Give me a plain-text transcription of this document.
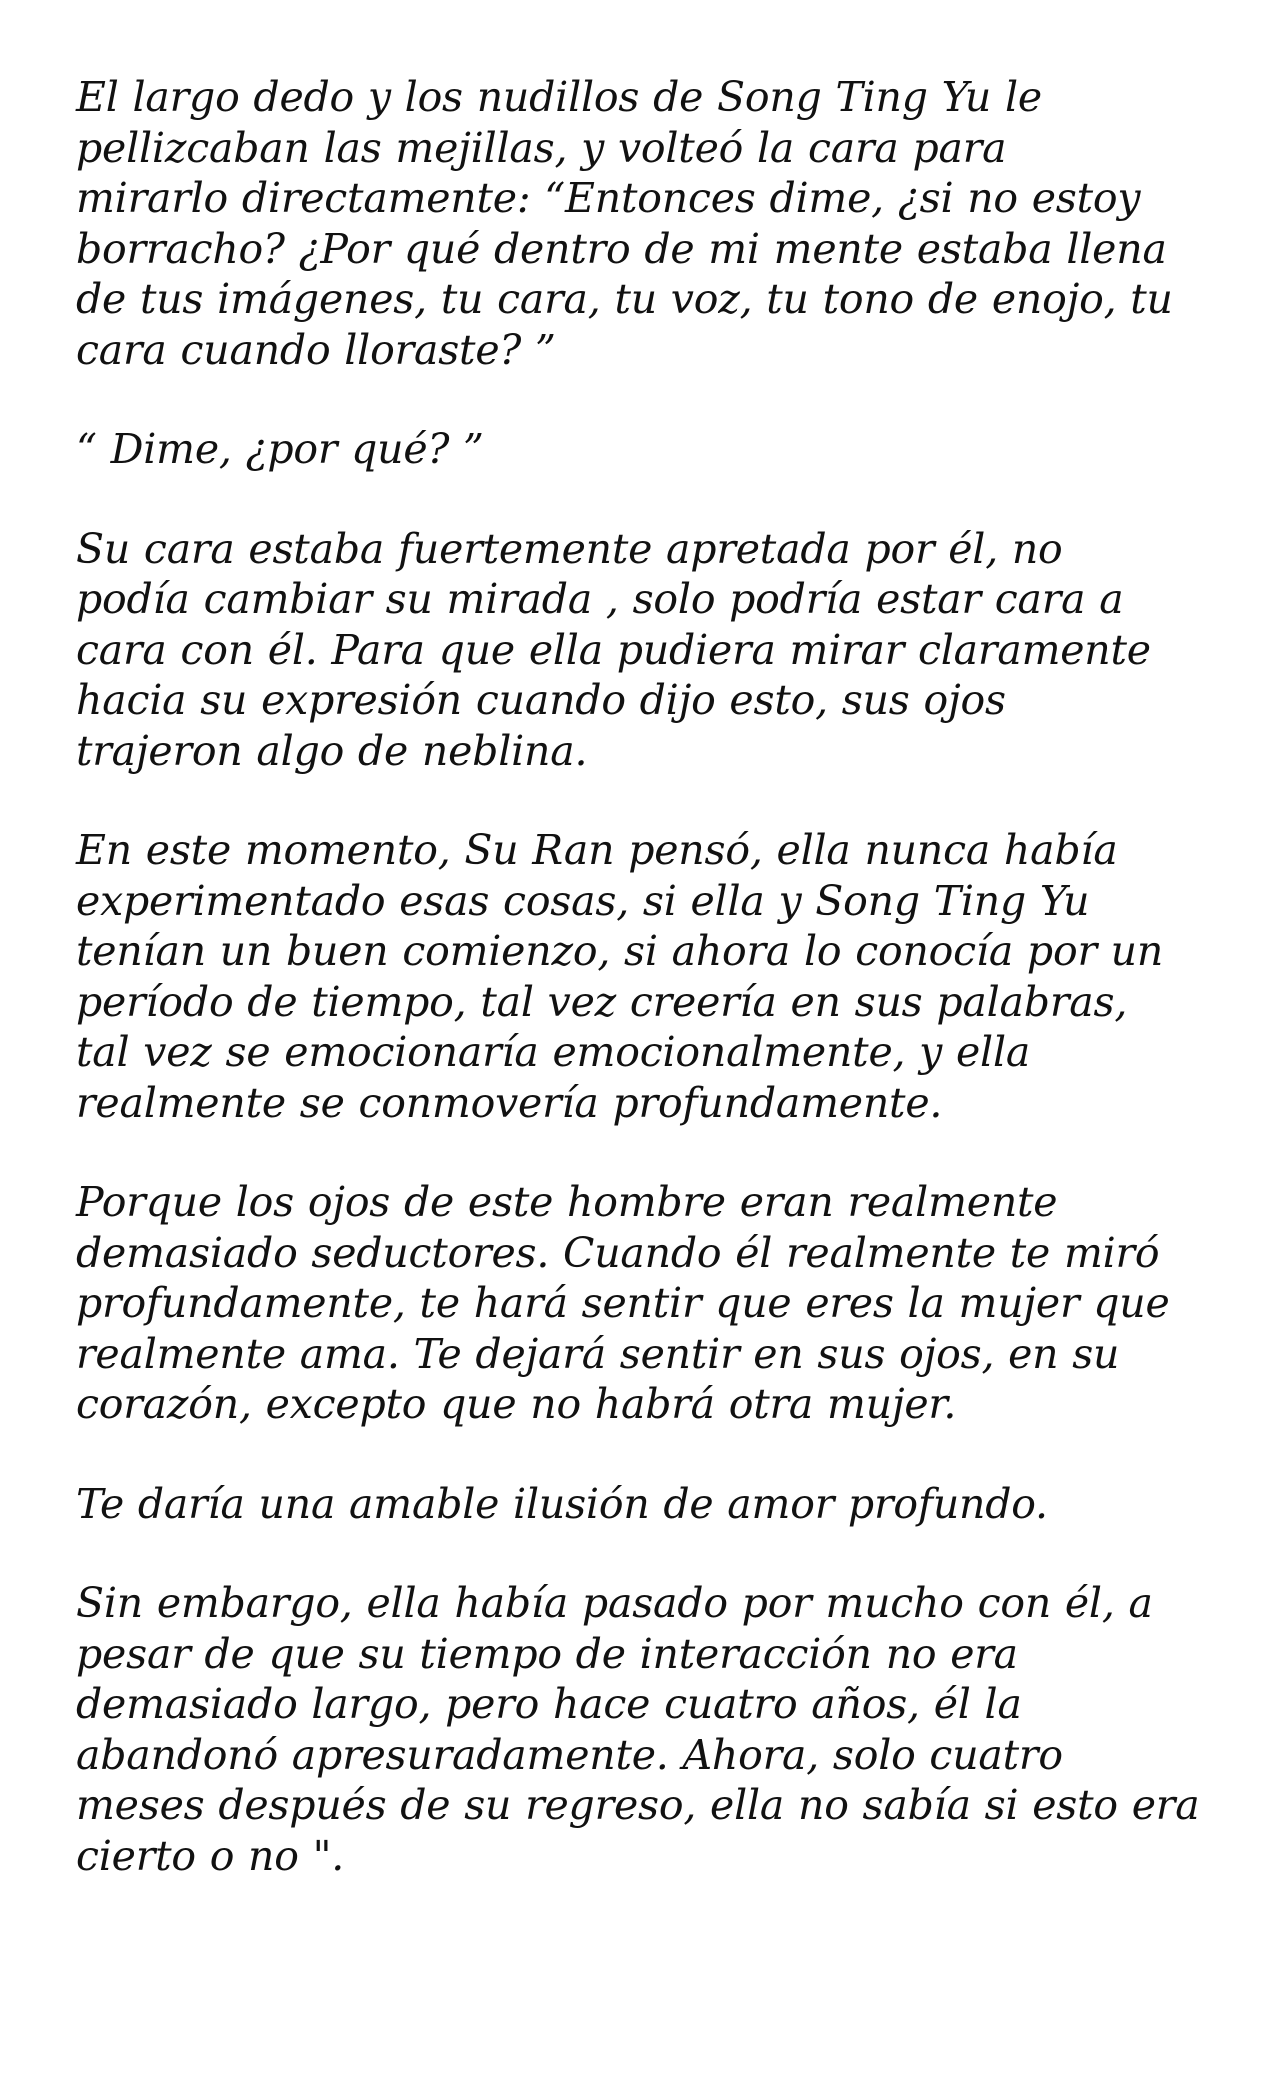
El largo dedo y los nudillos de Song Ting Yu le
pellizcaban las mejillas, y volteó la cara para
mirarlo directamente: “Entonces dime, ¿si no estoy
borracho? ¿Por qué dentro de mi mente estaba llena
de tus imágenes, tu cara, tu voz, tu tono de enojo, tu
cara cuando lloraste? ”

“ Dime, ¿por qué? ”

Su cara estaba fuertemente apretada por él, no
podía cambiar su mirada , solo podría estar cara a
cara con él. Para que ella pudiera mirar claramente
hacia su expresión cuando dijo esto, sus ojos
trajeron algo de neblina.

En este momento, Su Ran pensó, ella nunca había
experimentado esas cosas, si ella y Song Ting Yu
tenían un buen comienzo, si ahora lo conocía por un
período de tiempo, tal vez creería en sus palabras,
tal vez se emocionaría emocionalmente, y ella
realmente se conmovería profundamente.

Porque los ojos de este hombre eran realmente
demasiado seductores. Cuando él realmente te miró
profundamente, te hará sentir que eres la mujer que
realmente ama. Te dejará sentir en sus ojos, en su
corazón, excepto que no habrá otra mujer.

Te daría una amable ilusión de amor profundo.

Sin embargo, ella había pasado por mucho con él, a
pesar de que su tiempo de interacción no era
demasiado largo, pero hace cuatro años, él la
abandonó apresuradamente. Ahora, solo cuatro
meses después de su regreso, ella no sabía si esto era
cierto o no ".
